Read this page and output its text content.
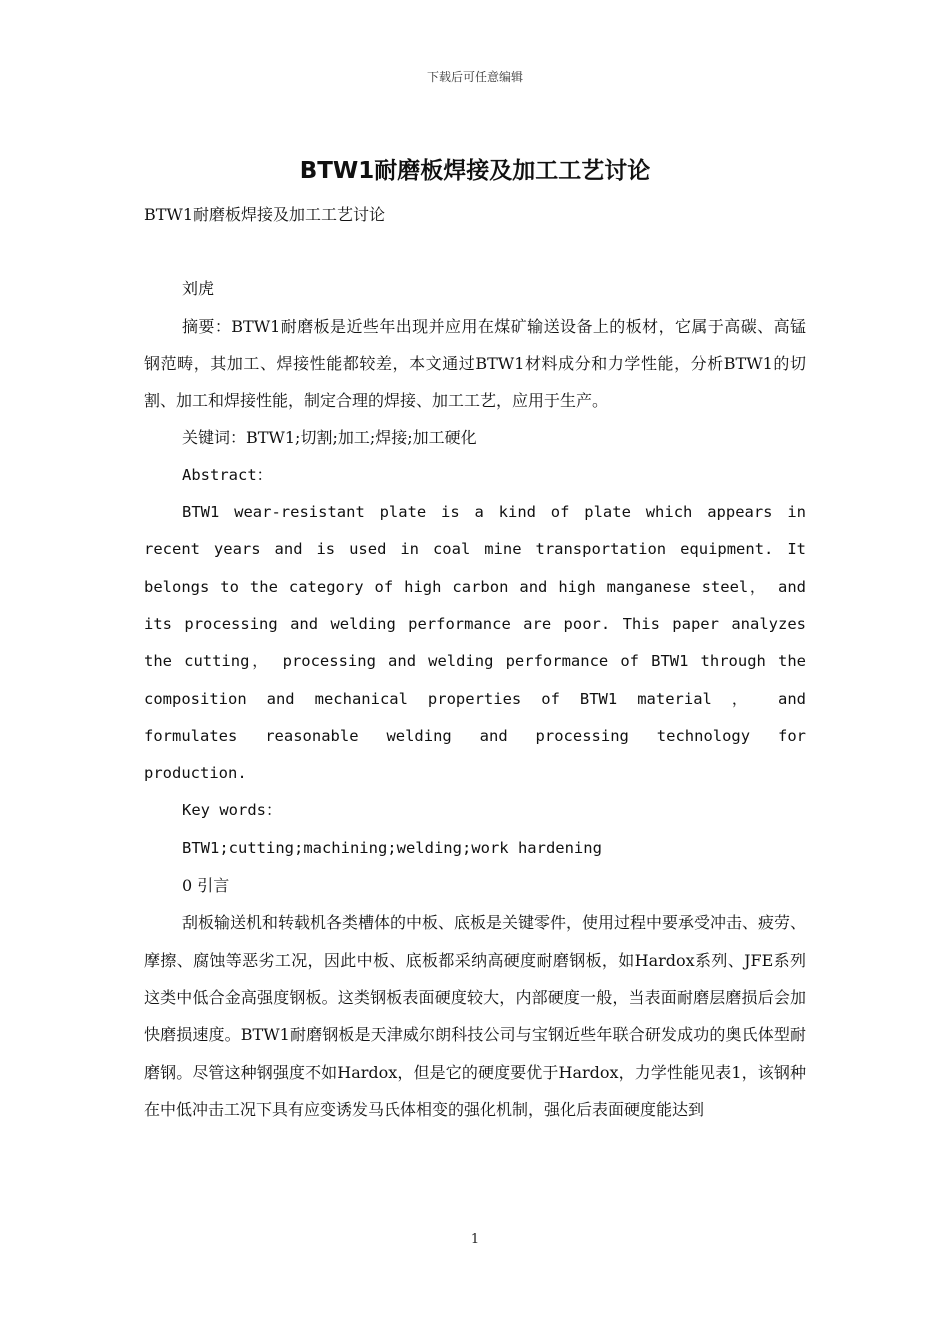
下载后可任意编辑
BTW1耐磨板焊接及加工工艺讨论

BTW1耐磨板焊接及加工工艺讨论

刘虎

摘要：BTW1耐磨板是近些年出现并应用在煤矿输送设备上的板材，它属于高碳、高锰钢范畴，其加工、焊接性能都较差，本文通过BTW1材料成分和力学性能，分析BTW1的切割、加工和焊接性能，制定合理的焊接、加工工艺，应用于生产。

关键词：BTW1;切割;加工;焊接;加工硬化

Abstract：

BTW1 wear-resistant plate is a kind of plate which appears in recent years and is used in coal mine transportation equipment. It belongs to the category of high carbon and high manganese steel， and its processing and welding performance are poor. This paper analyzes the cutting， processing and welding performance of BTW1 through the composition and mechanical properties of BTW1 material ， and formulates reasonable welding and processing technology for production.

Key words：

BTW1;cutting;machining;welding;work hardening

0 引言

刮板输送机和转载机各类槽体的中板、底板是关键零件，使用过程中要承受冲击、疲劳、摩擦、腐蚀等恶劣工况，因此中板、底板都采纳高硬度耐磨钢板，如Hardox系列、JFE系列这类中低合金高强度钢板。这类钢板表面硬度较大，内部硬度一般，当表面耐磨层磨损后会加快磨损速度。BTW1耐磨钢板是天津威尔朗科技公司与宝钢近些年联合研发成功的奥氏体型耐磨钢。尽管这种钢强度不如Hardox，但是它的硬度要优于Hardox，力学性能见表1，该钢种在中低冲击工况下具有应变诱发马氏体相变的强化机制，强化后表面硬度能达到

1
